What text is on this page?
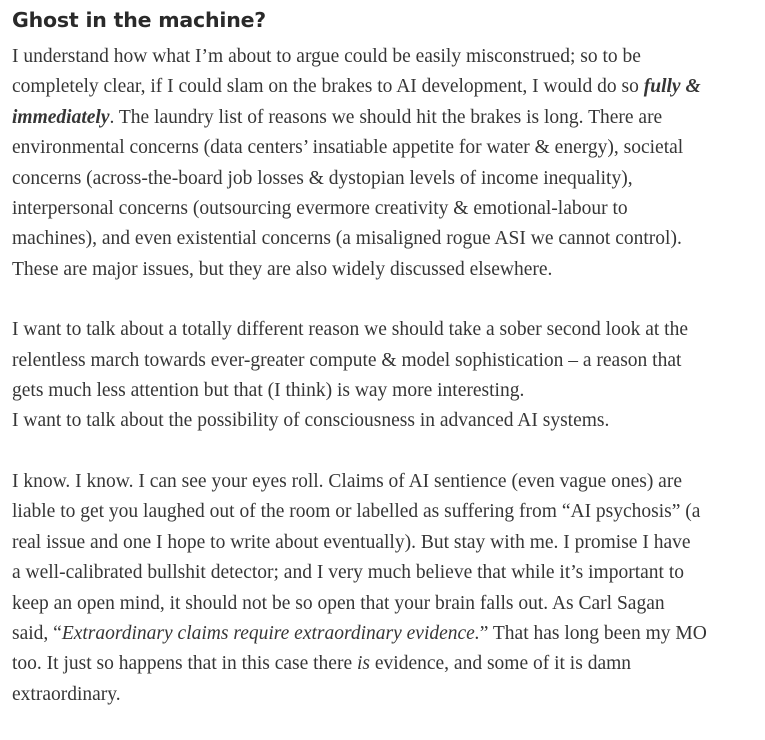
Ghost in the machine?

I understand how what I’m about to argue could be easily misconstrued; so to be
completely clear, if I could slam on the brakes to AI development, I would do so fully &
immediately. The laundry list of reasons we should hit the brakes is long. There are
environmental concerns (data centers’ insatiable appetite for water & energy), societal
concerns (across-the-board job losses & dystopian levels of income inequality),
interpersonal concerns (outsourcing evermore creativity & emotional-labour to
machines), and even existential concerns (a misaligned rogue ASI we cannot control).
These are major issues, but they are also widely discussed elsewhere.

I want to talk about a totally different reason we should take a sober second look at the
relentless march towards ever-greater compute & model sophistication – a reason that
gets much less attention but that (I think) is way more interesting.
I want to talk about the possibility of consciousness in advanced AI systems.

I know. I know. I can see your eyes roll. Claims of AI sentience (even vague ones) are
liable to get you laughed out of the room or labelled as suffering from “AI psychosis” (a
real issue and one I hope to write about eventually). But stay with me. I promise I have
a well-calibrated bullshit detector; and I very much believe that while it’s important to
keep an open mind, it should not be so open that your brain falls out. As Carl Sagan
said, “Extraordinary claims require extraordinary evidence.” That has long been my MO
too. It just so happens that in this case there is evidence, and some of it is damn
extraordinary.
